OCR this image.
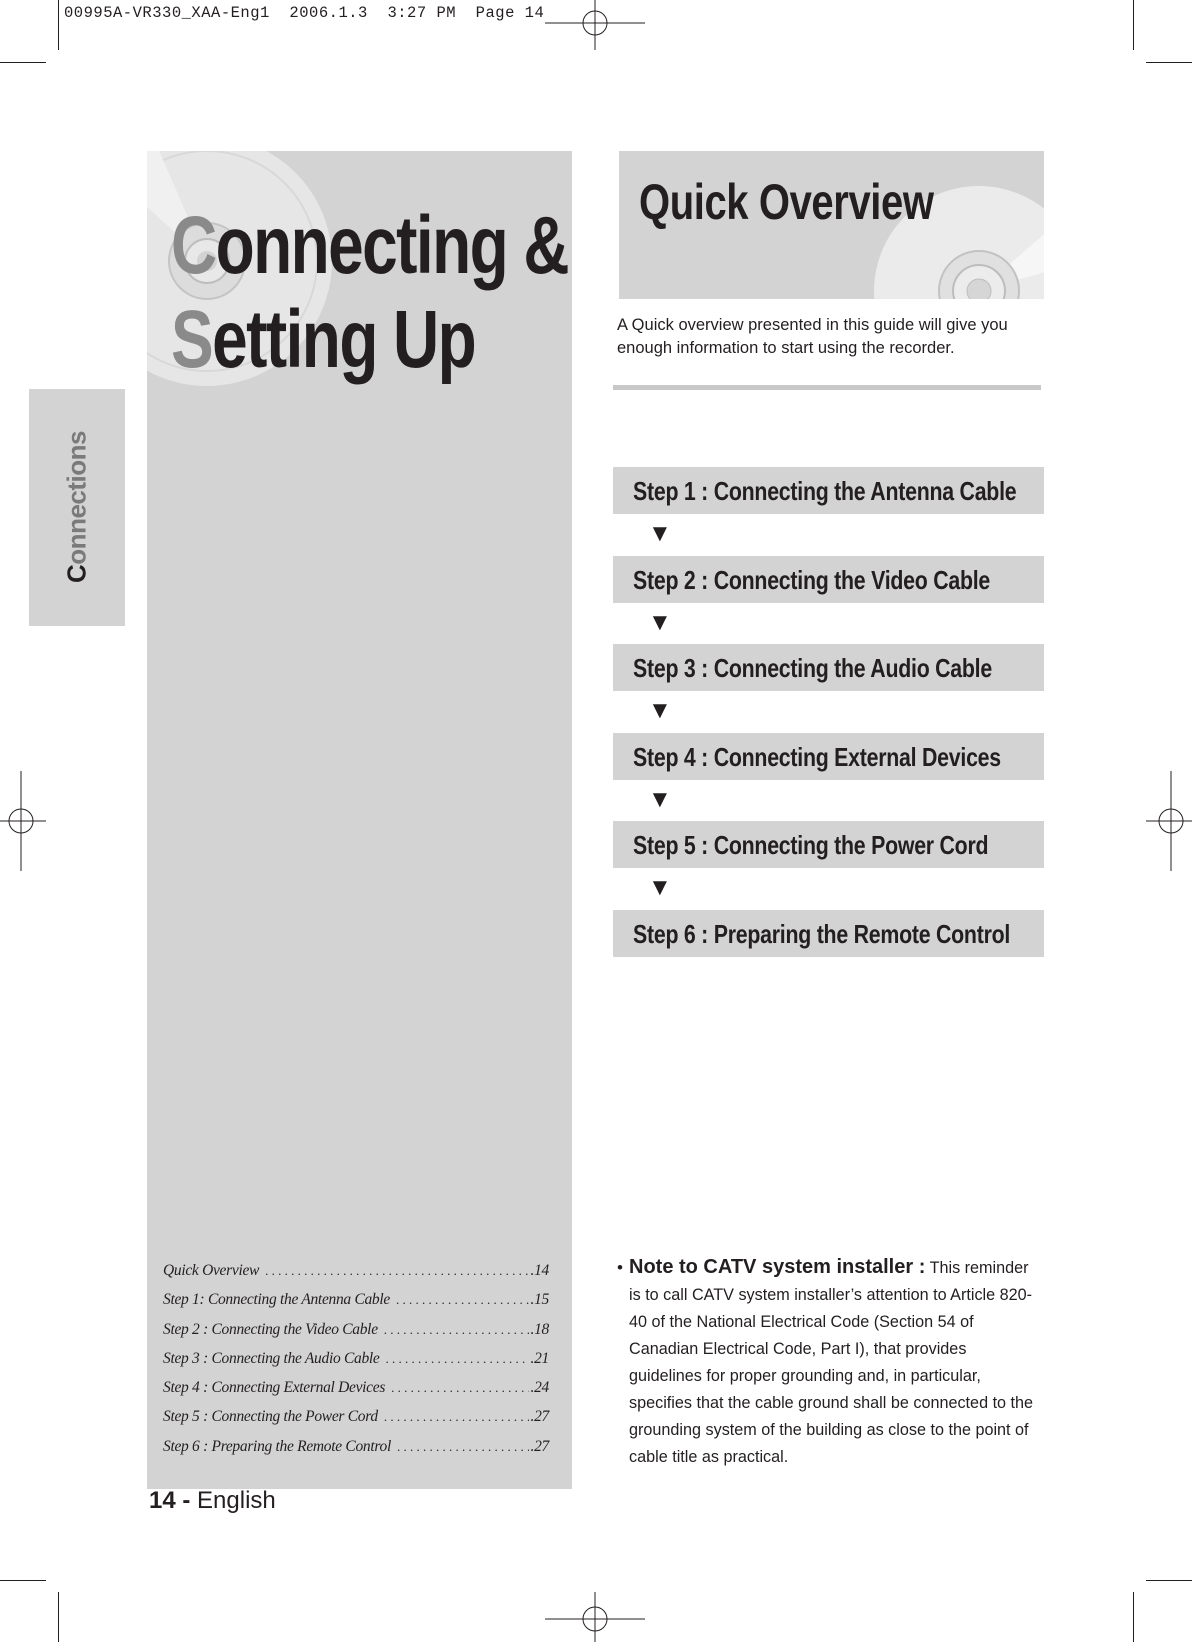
00995A-VR330_XAA-Eng1  2006.1.3  3:27 PM  Page 14
Connections
Connecting &
Setting Up
Quick Overview . . .	.14
Step 1: Connecting the Antenna Cable . . .	.15
Step 2 : Connecting the Video Cable . . .	.18
Step 3 : Connecting the Audio Cable . . .	.21
Step 4 : Connecting External Devices . . .	.24
Step 5 : Connecting the Power Cord . . .	.27
Step 6 : Preparing the Remote Control . . .	.27
14 - English
Quick Overview

A Quick overview presented in this guide will give you enough information to start using the recorder.

Step 1 : Connecting the Antenna Cable
▼
Step 2 : Connecting the Video Cable
▼
Step 3 : Connecting the Audio Cable
▼
Step 4 : Connecting External Devices
▼
Step 5 : Connecting the Power Cord
▼
Step 6 : Preparing the Remote Control

• Note to CATV system installer : This reminder is to call CATV system installer’s attention to Article 820-40 of the National Electrical Code (Section 54 of Canadian Electrical Code, Part I), that provides guidelines for proper grounding and, in particular, specifies that the cable ground shall be connected to the grounding system of the building as close to the point of cable title as practical.
